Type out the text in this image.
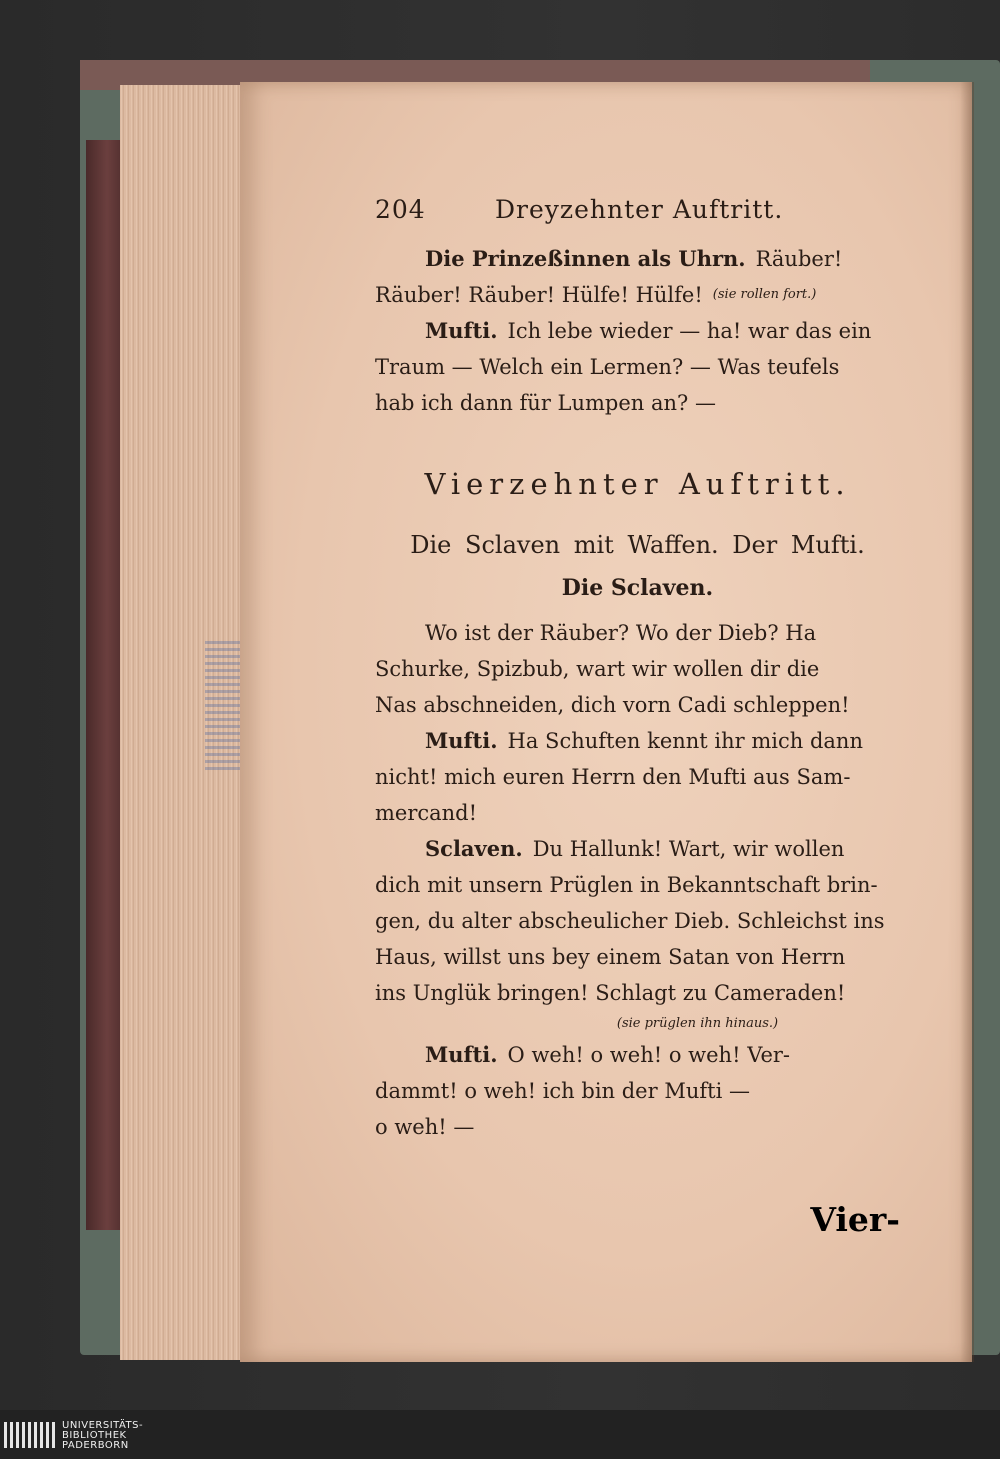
204	Dreyzehnter Auftritt.
Die Prinzeßinnen als Uhrn. Räuber!
Räuber! Räuber! Hülfe! Hülfe! (sie rollen fort.)
Mufti. Ich lebe wieder — ha! war das ein
Traum — Welch ein Lermen? — Was teufels
hab ich dann für Lumpen an? —
Vierzehnter Auftritt.
Die Sclaven mit Waffen. Der Mufti.
Die Sclaven.
Wo ist der Räuber? Wo der Dieb? Ha
Schurke, Spizbub, wart wir wollen dir die
Nas abschneiden, dich vorn Cadi schleppen!
Mufti. Ha Schuften kennt ihr mich dann
nicht! mich euren Herrn den Mufti aus Sam-
mercand!
Sclaven. Du Hallunk! Wart, wir wollen
dich mit unsern Prüglen in Bekanntschaft brin-
gen, du alter abscheulicher Dieb. Schleichst ins
Haus, willst uns bey einem Satan von Herrn
ins Unglük bringen! Schlagt zu Cameraden!
(sie prüglen ihn hinaus.)
Mufti. O weh! o weh! o weh! Ver-
dammt! o weh! ich bin der Mufti —
o weh! —
Vier-
UNIVERSITÄTS-
BIBLIOTHEK
PADERBORN
